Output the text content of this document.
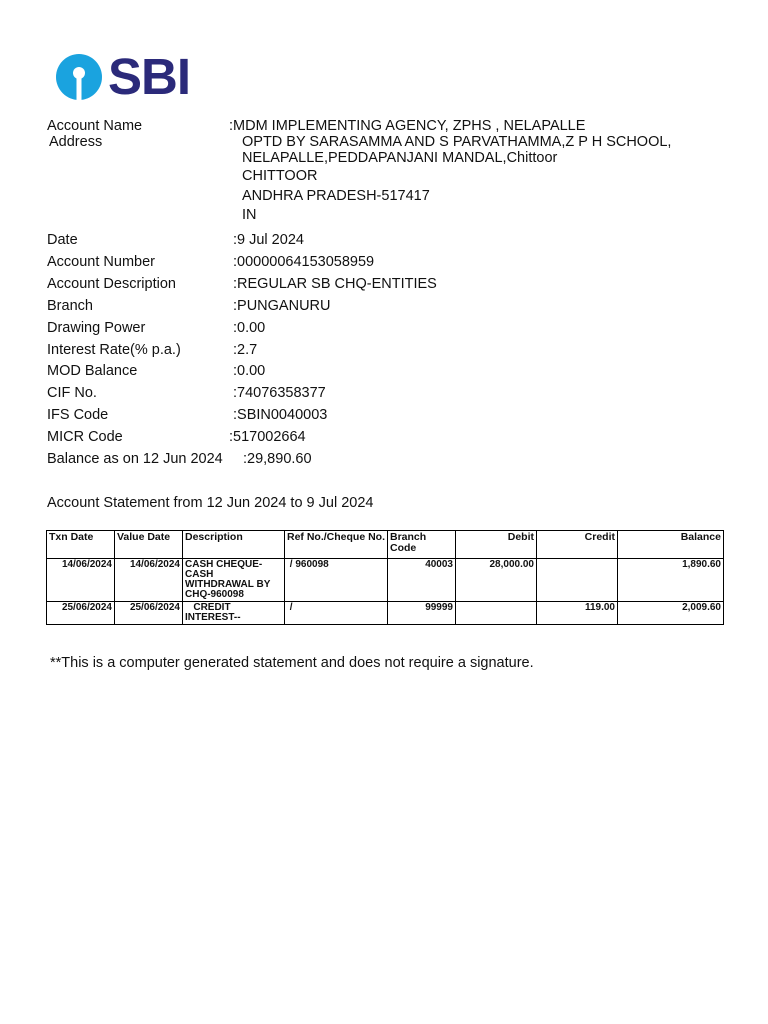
SBI
Account Name	:MDM IMPLEMENTING AGENCY, ZPHS , NELAPALLE
Address	OPTD BY SARASAMMA AND S PARVATHAMMA,Z P H SCHOOL,
NELAPALLE,PEDDAPANJANI MANDAL,Chittoor
CHITTOOR
ANDHRA PRADESH-517417
IN
Date	:9 Jul 2024
Account Number	:00000064153058959
Account Description	:REGULAR SB CHQ-ENTITIES
Branch	:PUNGANURU
Drawing Power	:0.00
Interest Rate(% p.a.)	:2.7
MOD Balance	:0.00
CIF No.	:74076358377
IFS Code	:SBIN0040003
MICR Code	:517002664
Balance as on 12 Jun 2024 :29,890.60
Account Statement from 12 Jun 2024 to 9 Jul 2024
Txn Date	Value Date	Description	Ref No./Cheque No.	Branch Code	Debit	Credit	Balance
14/06/2024	14/06/2024	CASH CHEQUE-CASH WITHDRAWAL BY CHQ-960098	/ 960098	40003	28,000.00		1,890.60
25/06/2024	25/06/2024	CREDIT INTEREST--	/	99999		119.00	2,009.60
**This is a computer generated statement and does not require a signature.
